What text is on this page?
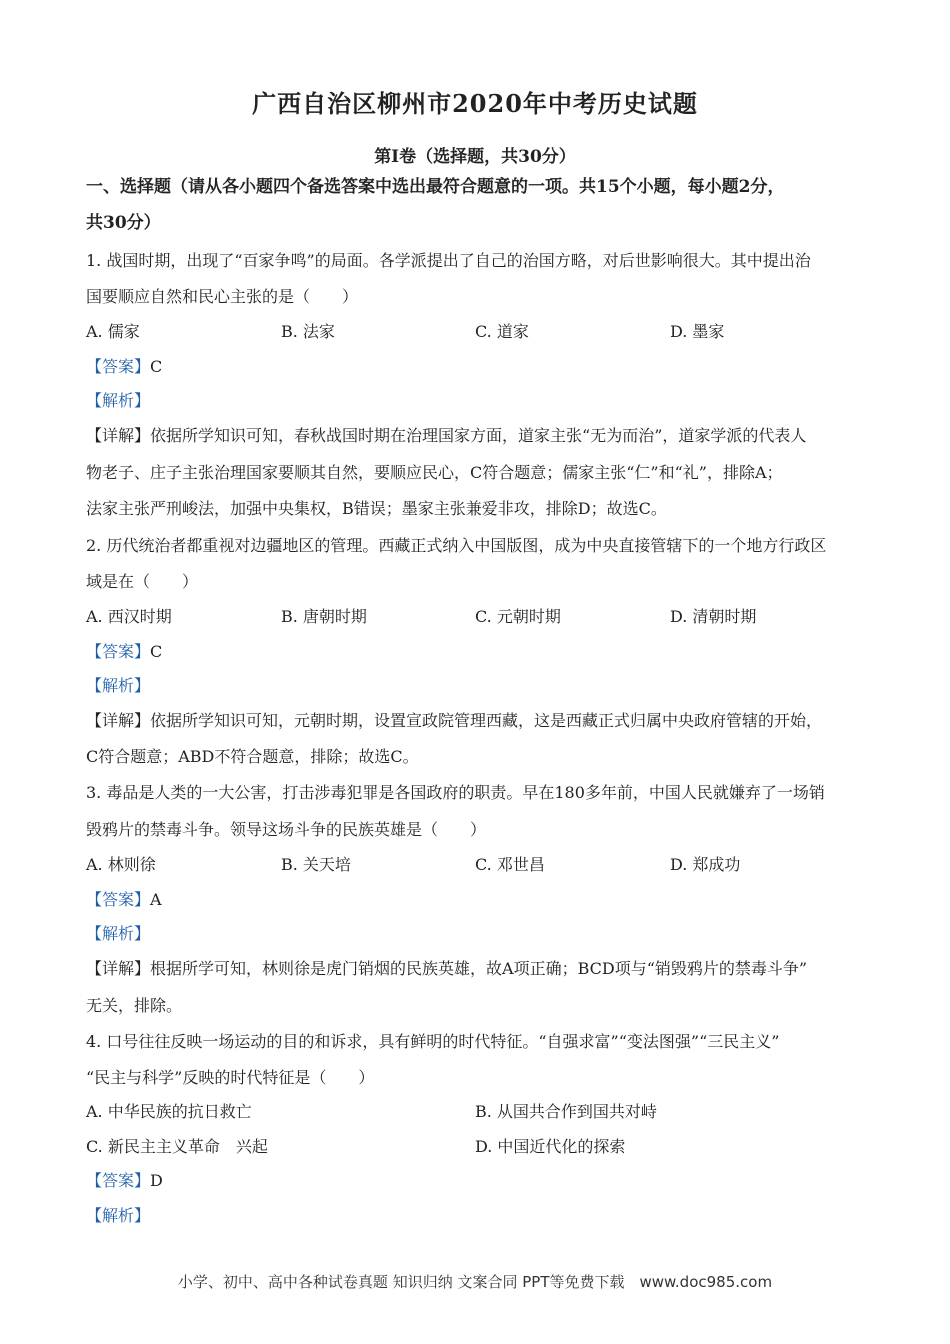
广西自治区柳州市2020年中考历史试题
第Ⅰ卷（选择题，共30分）
一、选择题（请从各小题四个备选答案中选出最符合题意的一项。共15个小题，每小题2分，
共30分）
1. 战国时期，出现了“百家争鸣”的局面。各学派提出了自己的治国方略，对后世影响很大。其中提出治
国要顺应自然和民心主张的是（　　）
A. 儒家	B. 法家	C. 道家	D. 墨家
【答案】C
【解析】
【详解】依据所学知识可知，春秋战国时期在治理国家方面，道家主张“无为而治”，道家学派的代表人
物老子、庄子主张治理国家要顺其自然，要顺应民心，C符合题意；儒家主张“仁”和“礼”，排除A；
法家主张严刑峻法，加强中央集权，B错误；墨家主张兼爱非攻，排除D；故选C。
2. 历代统治者都重视对边疆地区的管理。西藏正式纳入中国版图，成为中央直接管辖下的一个地方行政区
域是在（　　）
A. 西汉时期	B. 唐朝时期	C. 元朝时期	D. 清朝时期
【答案】C
【解析】
【详解】依据所学知识可知，元朝时期，设置宣政院管理西藏，这是西藏正式归属中央政府管辖的开始，
C符合题意；ABD不符合题意，排除；故选C。
3. 毒品是人类的一大公害，打击涉毒犯罪是各国政府的职责。早在180多年前，中国人民就嫌弃了一场销
毁鸦片的禁毒斗争。领导这场斗争的民族英雄是（　　）
A. 林则徐	B. 关天培	C. 邓世昌	D. 郑成功
【答案】A
【解析】
【详解】根据所学可知，林则徐是虎门销烟的民族英雄，故A项正确；BCD项与“销毁鸦片的禁毒斗争”
无关，排除。
4. 口号往往反映一场运动的目的和诉求，具有鲜明的时代特征。“自强求富”“变法图强”“三民主义”
“民主与科学”反映的时代特征是（　　）
A. 中华民族的抗日救亡	B. 从国共合作到国共对峙
C. 新民主主义革命　兴起	D. 中国近代化的探索
【答案】D
【解析】
小学、初中、高中各种试卷真题 知识归纳 文案合同 PPT等免费下载　www.doc985.com
